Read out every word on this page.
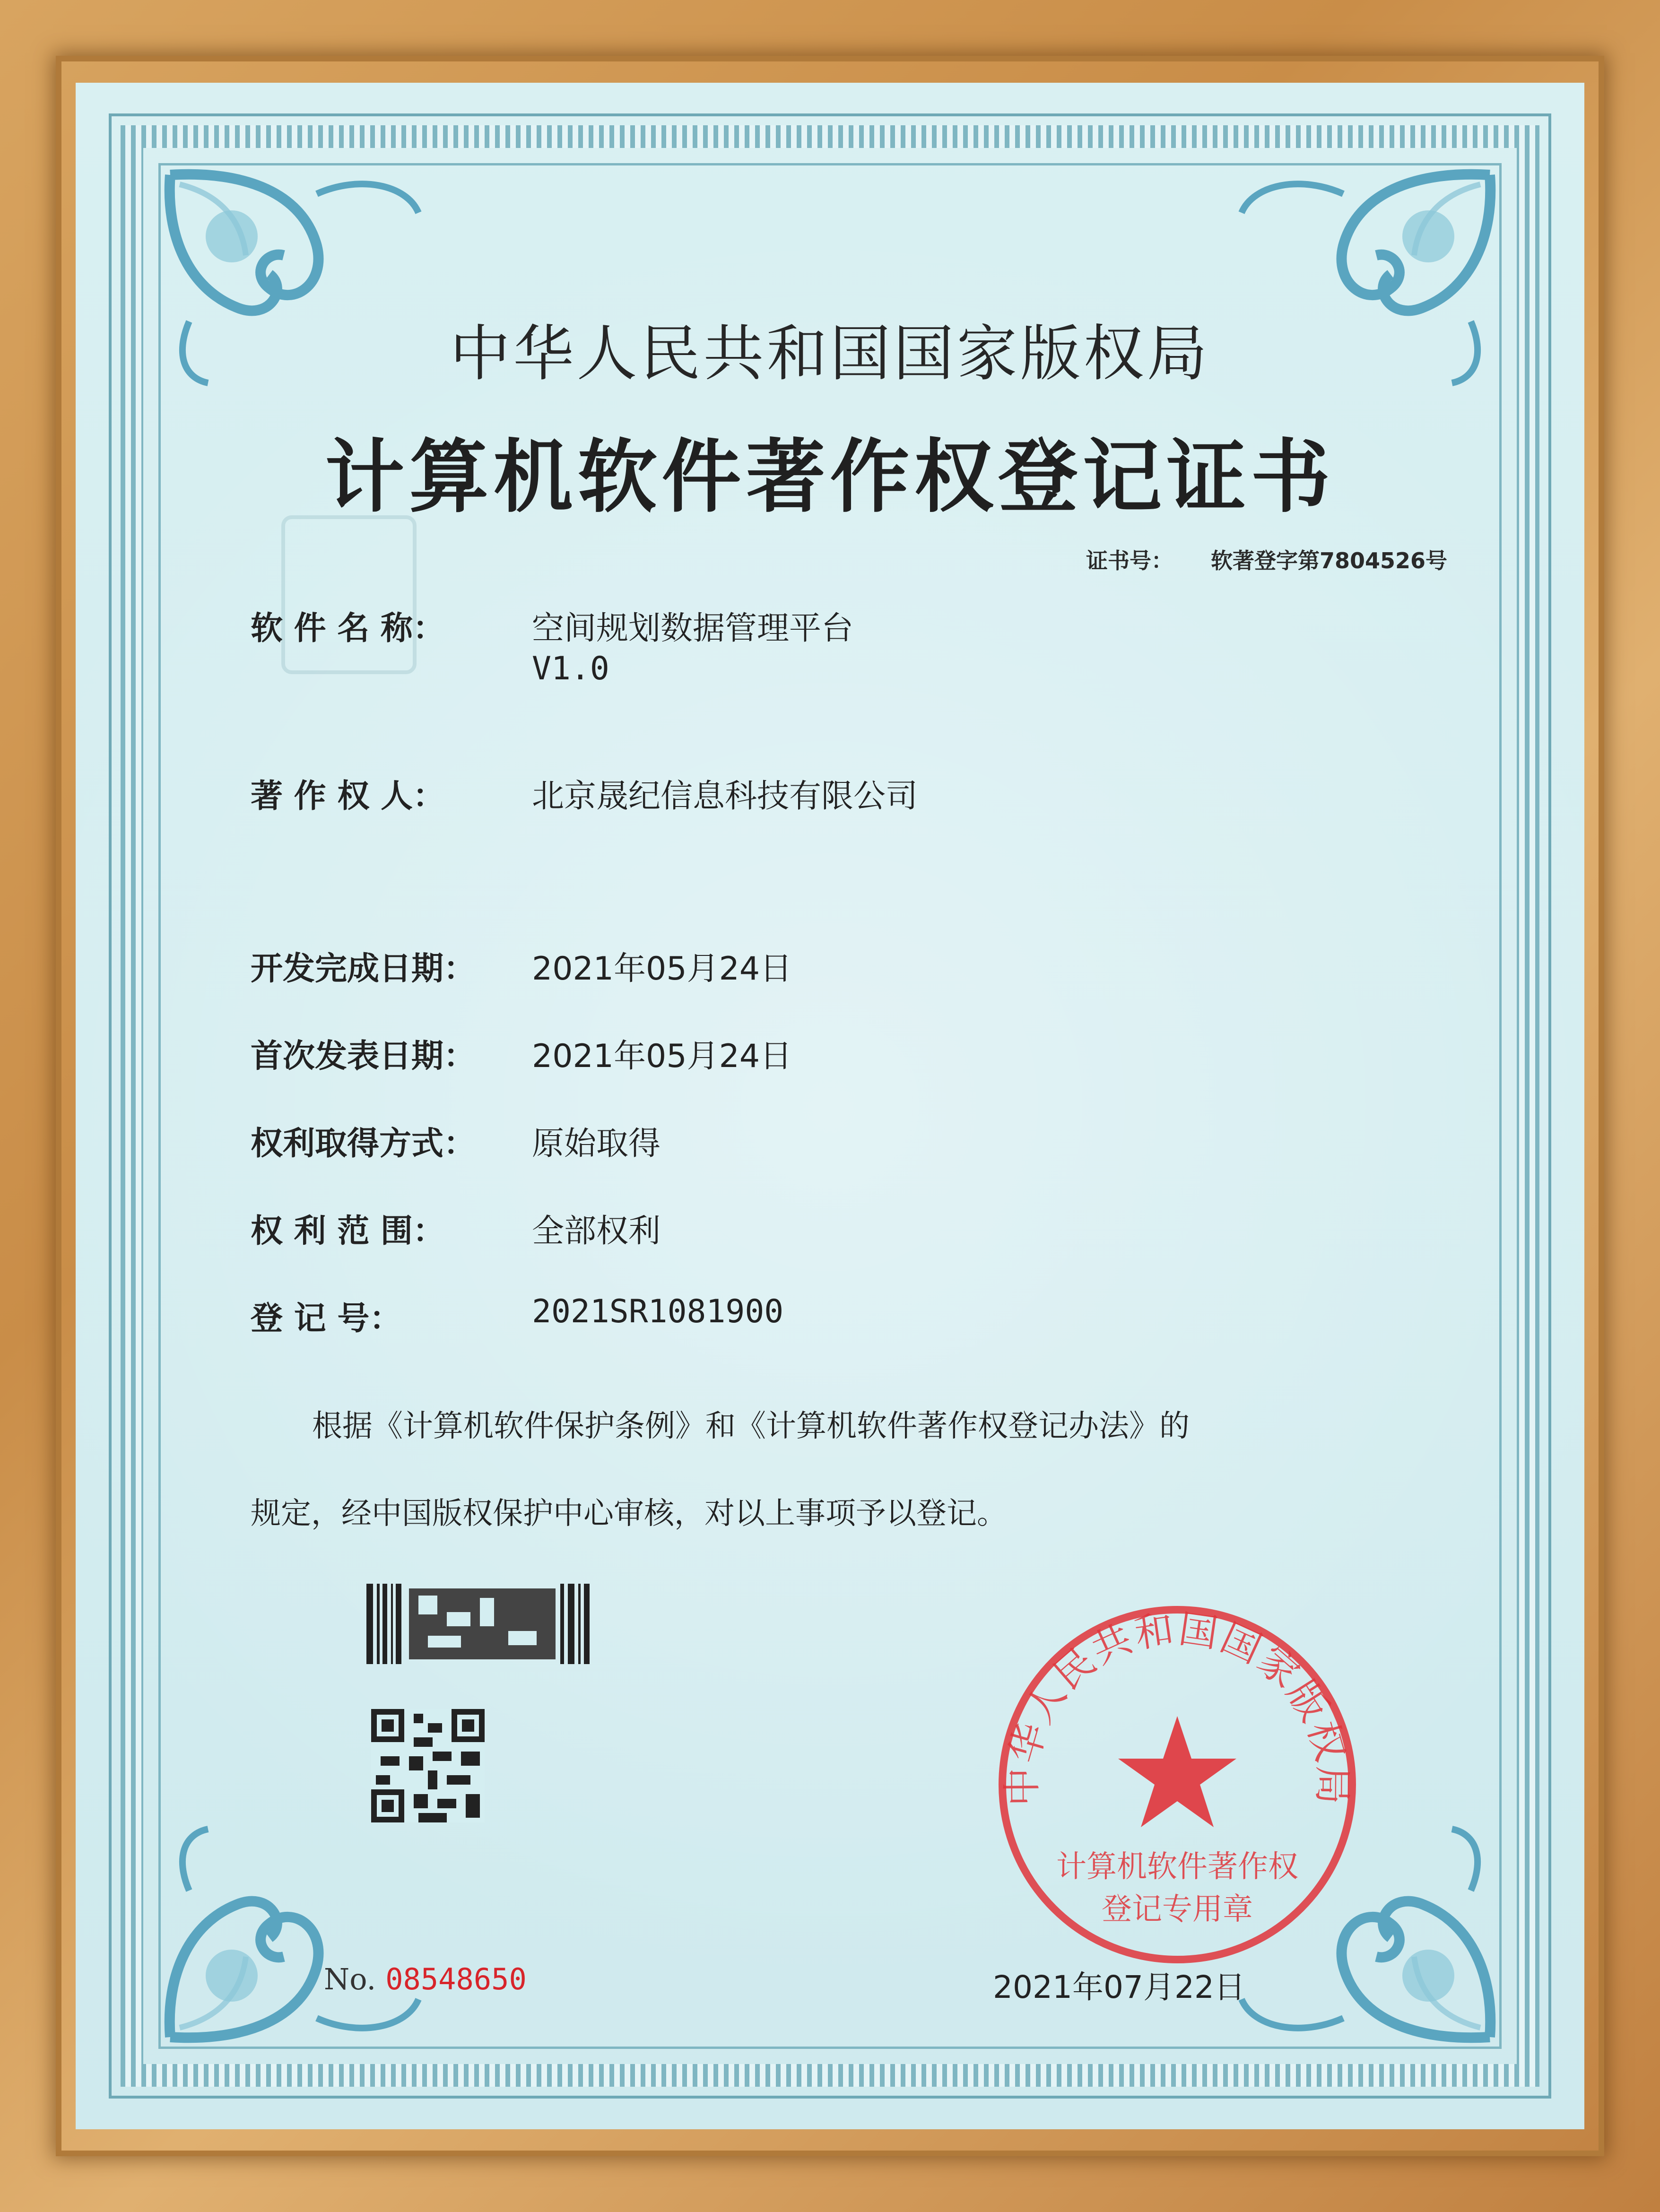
中华人民共和国国家版权局
计算机软件著作权登记证书
证书号： 软著登字第7804526号
软 件 名 称：	空间规划数据管理平台
V1.0
著 作 权 人：	北京晟纪信息科技有限公司
开发完成日期： 2021年05月24日
首次发表日期： 2021年05月24日
权利取得方式： 原始取得
权 利 范 围：	全部权利
登 记 号：	2021SR1081900
根据《计算机软件保护条例》和《计算机软件著作权登记办法》的
规定，经中国版权保护中心审核，对以上事项予以登记。
No. 08548650
中华人民共和国国家版权局
计算机软件著作权
登记专用章
2021年07月22日
